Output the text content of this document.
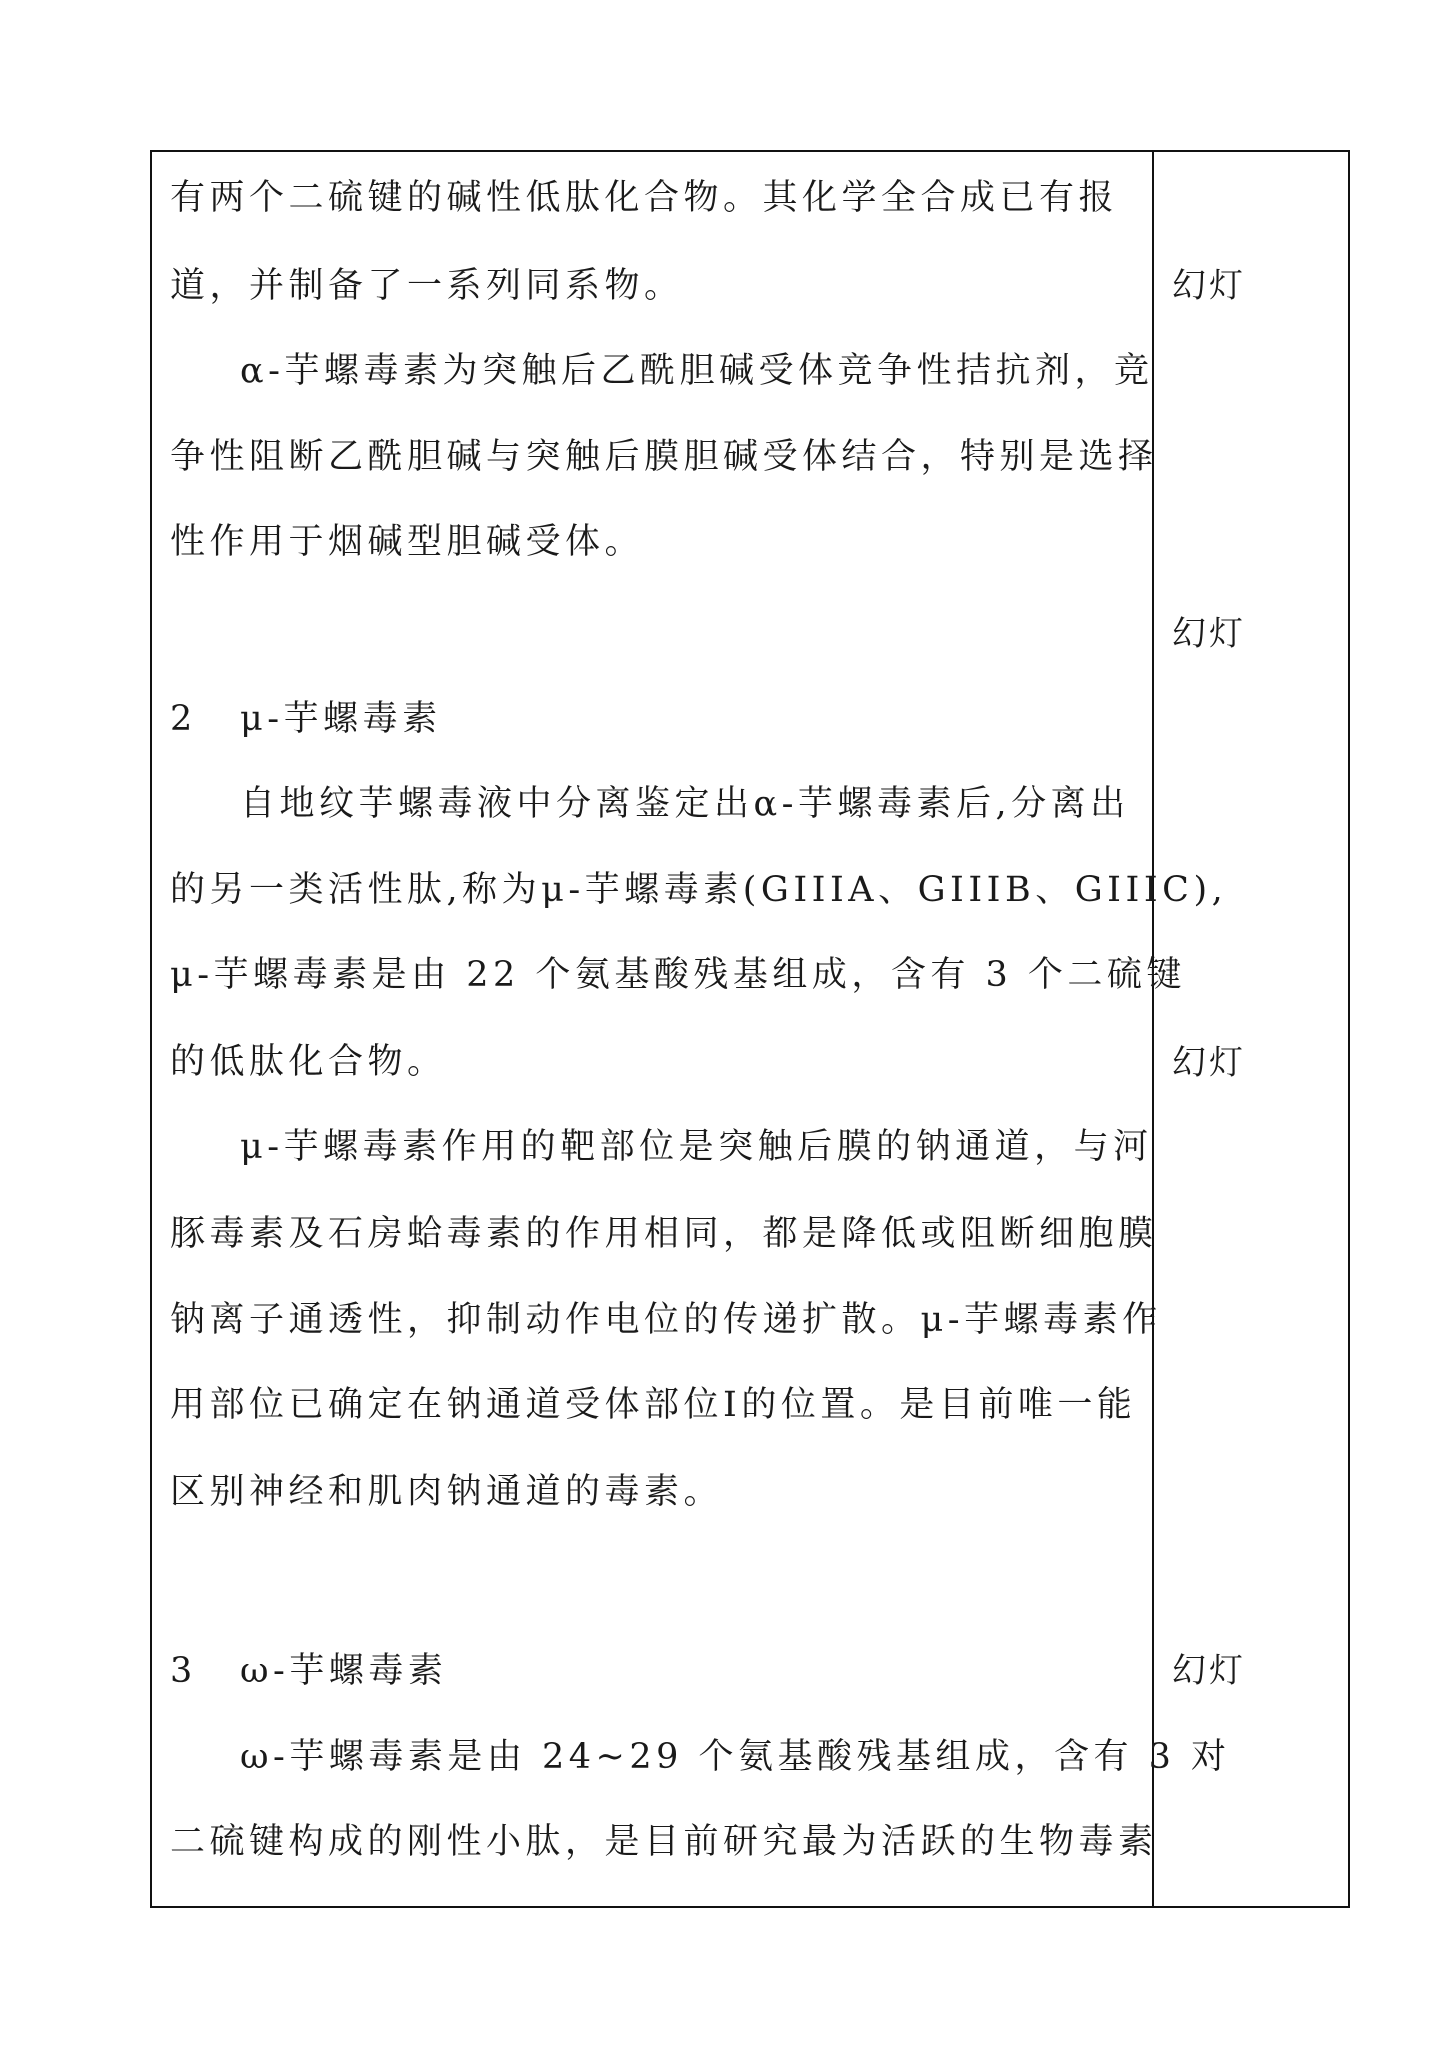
有两个二硫键的碱性低肽化合物。其化学全合成已有报
道，并制备了一系列同系物。
α-芋螺毒素为突触后乙酰胆碱受体竞争性拮抗剂，竞
争性阻断乙酰胆碱与突触后膜胆碱受体结合，特别是选择
性作用于烟碱型胆碱受体。
2 μ-芋螺毒素
自地纹芋螺毒液中分离鉴定出α-芋螺毒素后,分离出
的另一类活性肽,称为μ-芋螺毒素(GIIIA、GIIIB、GIIIC),
μ-芋螺毒素是由 22 个氨基酸残基组成，含有 3 个二硫键
的低肽化合物。
μ-芋螺毒素作用的靶部位是突触后膜的钠通道，与河
豚毒素及石房蛤毒素的作用相同，都是降低或阻断细胞膜
钠离子通透性，抑制动作电位的传递扩散。μ-芋螺毒素作
用部位已确定在钠通道受体部位Ⅰ的位置。是目前唯一能
区别神经和肌肉钠通道的毒素。
3 ω-芋螺毒素
ω-芋螺毒素是由 24~29 个氨基酸残基组成，含有 3 对
二硫键构成的刚性小肽，是目前研究最为活跃的生物毒素
幻灯
幻灯
幻灯
幻灯
